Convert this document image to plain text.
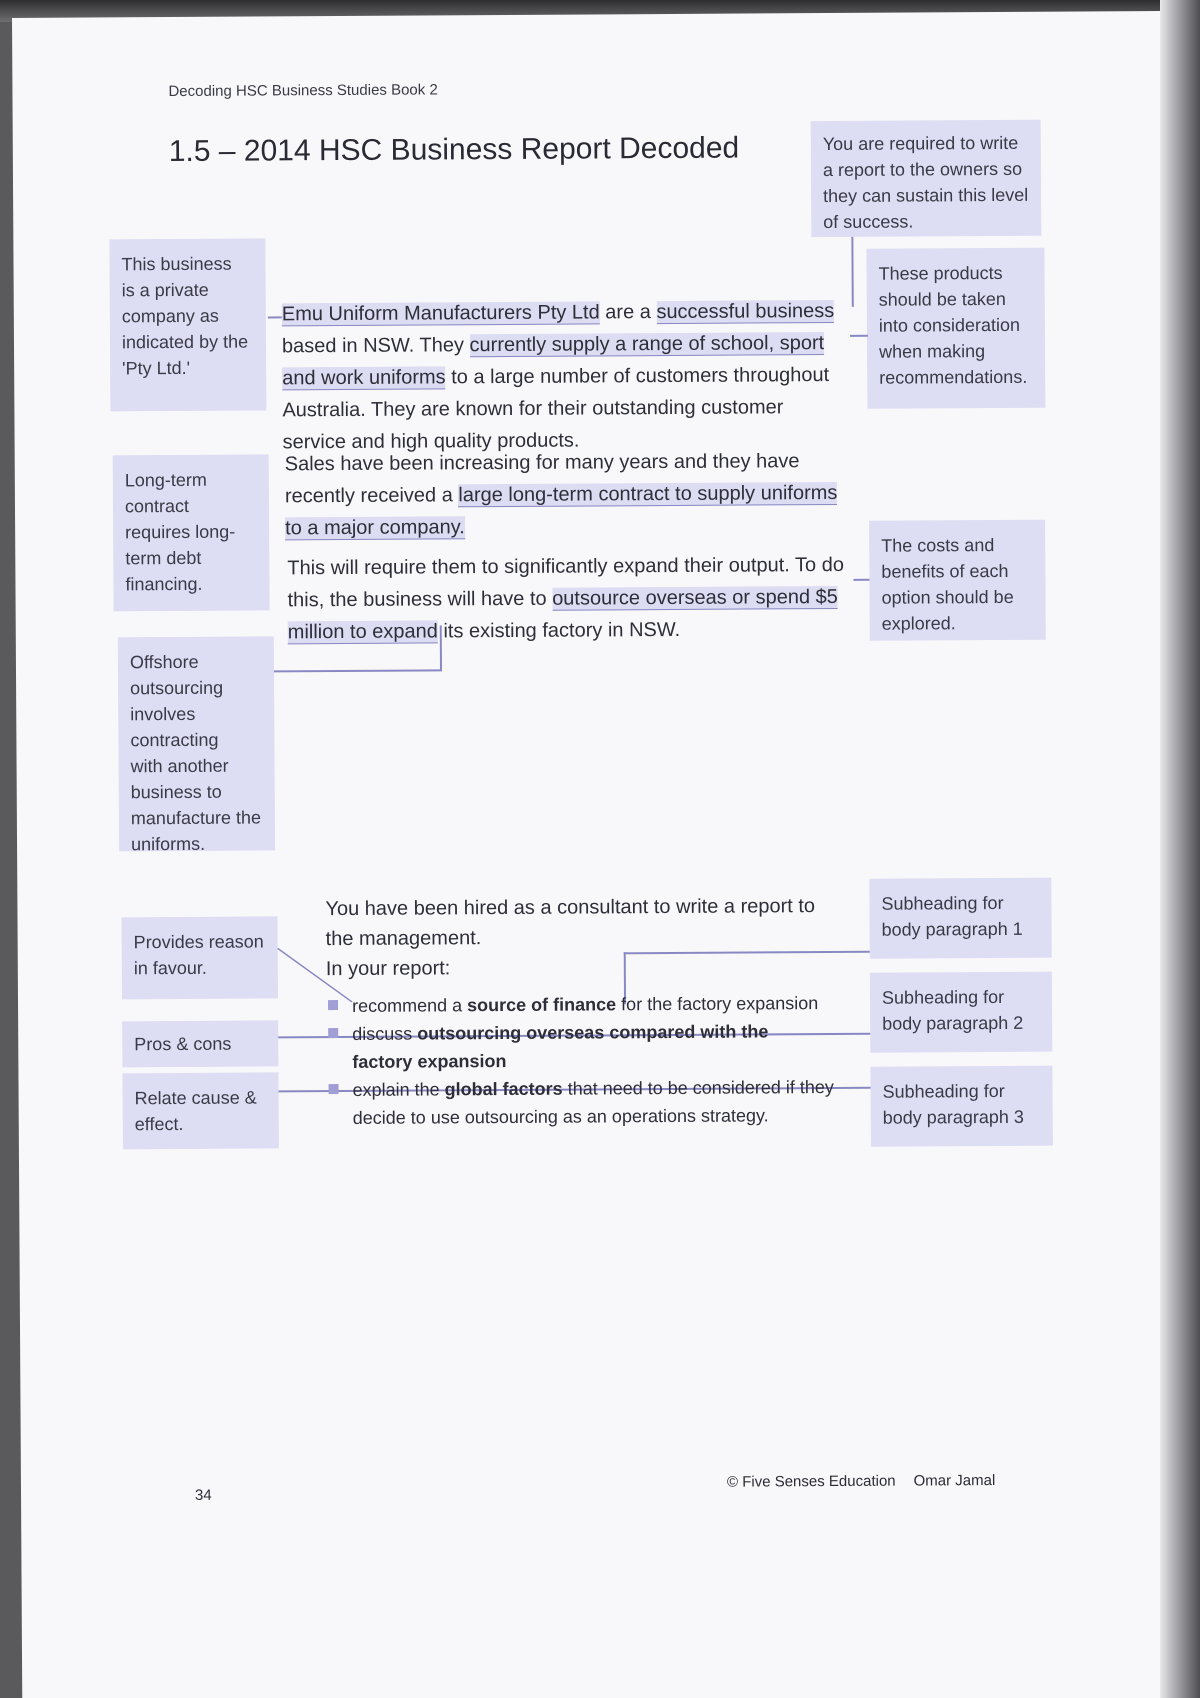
Decoding HSC Business Studies Book 2
1.5 – 2014 HSC Business Report Decoded	You are required to write
a report to the owners so
they can sustain this level
of success.
This business
is a private
company as
indicated by the
'Pty Ltd.'
These products
should be taken
into consideration
when making
recommendations.
Long-term
contract
requires long-
term debt
financing.
The costs and
benefits of each
option should be
explored.
Offshore
outsourcing
involves
contracting
with another
business to
manufacture the
uniforms.
Provides reason
in favour.
Pros & cons
Relate cause &
effect.
Subheading for
body paragraph 1
Subheading for
body paragraph 2
Subheading for
body paragraph 3
Emu Uniform Manufacturers Pty Ltd are a successful business
based in NSW. They currently supply a range of school, sport
and work uniforms to a large number of customers throughout
Australia. They are known for their outstanding customer
service and high quality products.
Sales have been increasing for many years and they have
recently received a large long-term contract to supply uniforms
to a major company.
This will require them to significantly expand their output. To do
this, the business will have to outsource overseas or spend $5
million to expand its existing factory in NSW.
You have been hired as a consultant to write a report to
the management.
In your report:
recommend a source of finance for the factory expansion
discuss outsourcing overseas compared with the
factory expansion
explain the global factors that need to be considered if they
decide to use outsourcing as an operations strategy.
34
© Five Senses Education Omar Jamal
